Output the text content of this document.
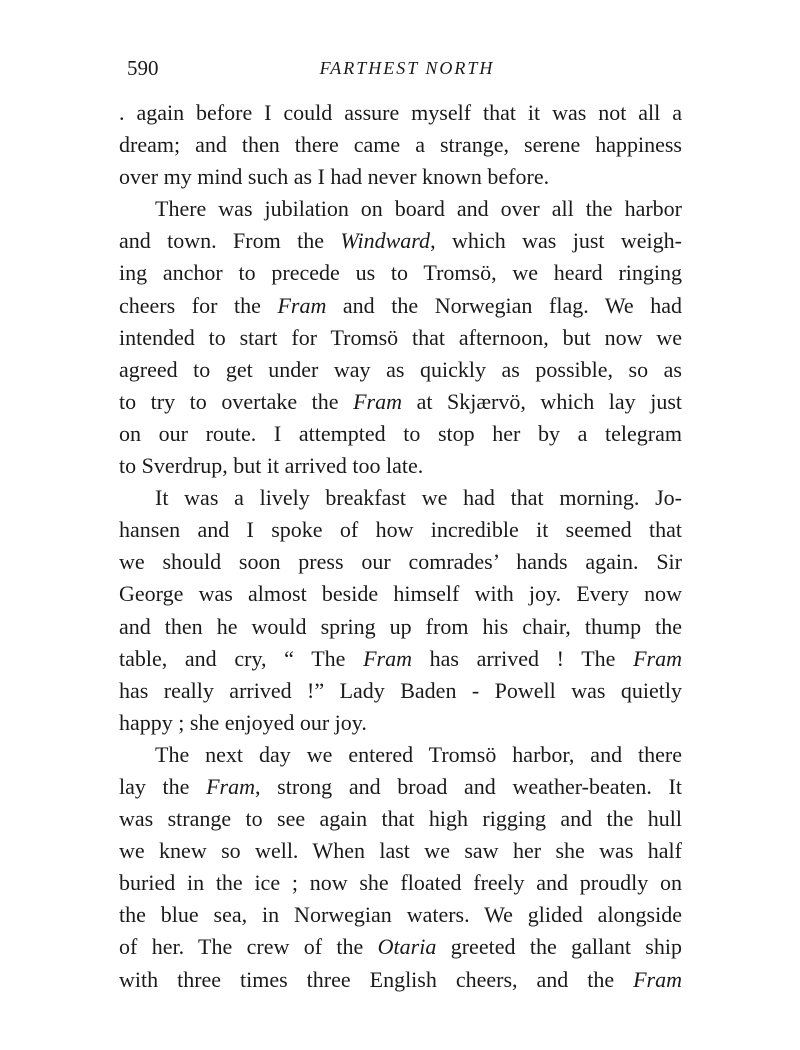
590	FARTHEST NORTH
. again before I could assure myself that it was not all a
dream; and then there came a strange, serene happiness
over my mind such as I had never known before.
There was jubilation on board and over all the harbor
and town. From the Windward, which was just weigh-
ing anchor to precede us to Tromsö, we heard ringing
cheers for the Fram and the Norwegian flag. We had
intended to start for Tromsö that afternoon, but now we
agreed to get under way as quickly as possible, so as
to try to overtake the Fram at Skjærvö, which lay just
on our route. I attempted to stop her by a telegram
to Sverdrup, but it arrived too late.
It was a lively breakfast we had that morning. Jo-
hansen and I spoke of how incredible it seemed that
we should soon press our comrades’ hands again. Sir
George was almost beside himself with joy. Every now
and then he would spring up from his chair, thump the
table, and cry, “ The Fram has arrived ! The Fram
has really arrived !” Lady Baden - Powell was quietly
happy ; she enjoyed our joy.
The next day we entered Tromsö harbor, and there
lay the Fram, strong and broad and weather-beaten. It
was strange to see again that high rigging and the hull
we knew so well. When last we saw her she was half
buried in the ice ; now she floated freely and proudly on
the blue sea, in Norwegian waters. We glided alongside
of her. The crew of the Otaria greeted the gallant ship
with three times three English cheers, and the Fram
